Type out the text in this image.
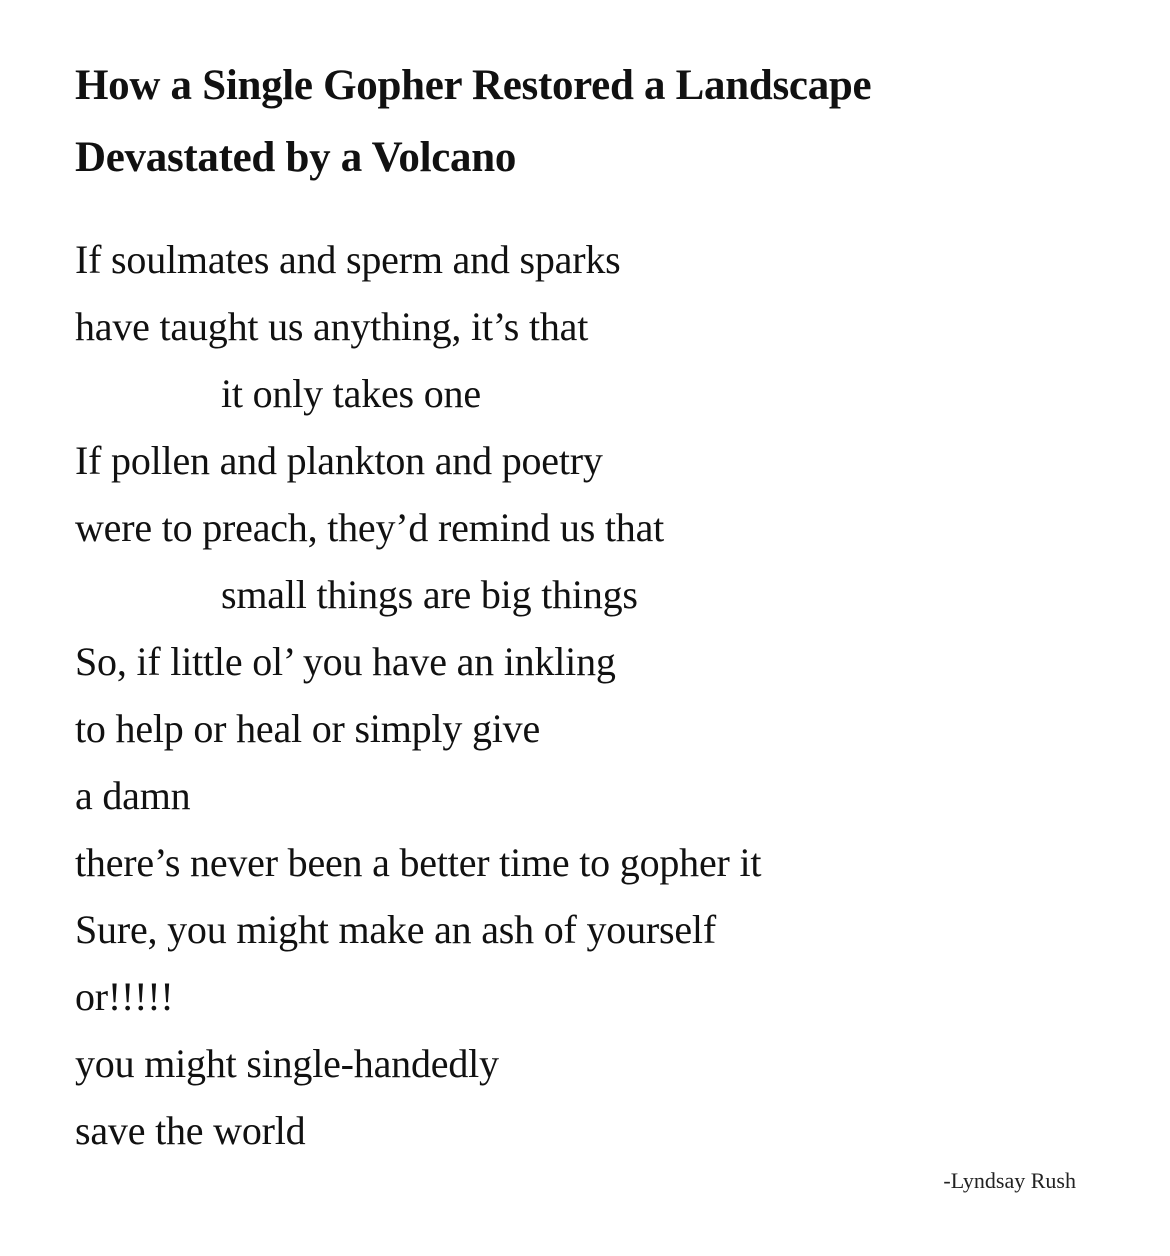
How a Single Gopher Restored a Landscape
Devastated by a Volcano
If soulmates and sperm and sparks
have taught us anything, it’s that
it only takes one
If pollen and plankton and poetry
were to preach, they’d remind us that
small things are big things
So, if little ol’ you have an inkling
to help or heal or simply give
a damn
there’s never been a better time to gopher it
Sure, you might make an ash of yourself
or!!!!!
you might single-handedly
save the world
-Lyndsay Rush
